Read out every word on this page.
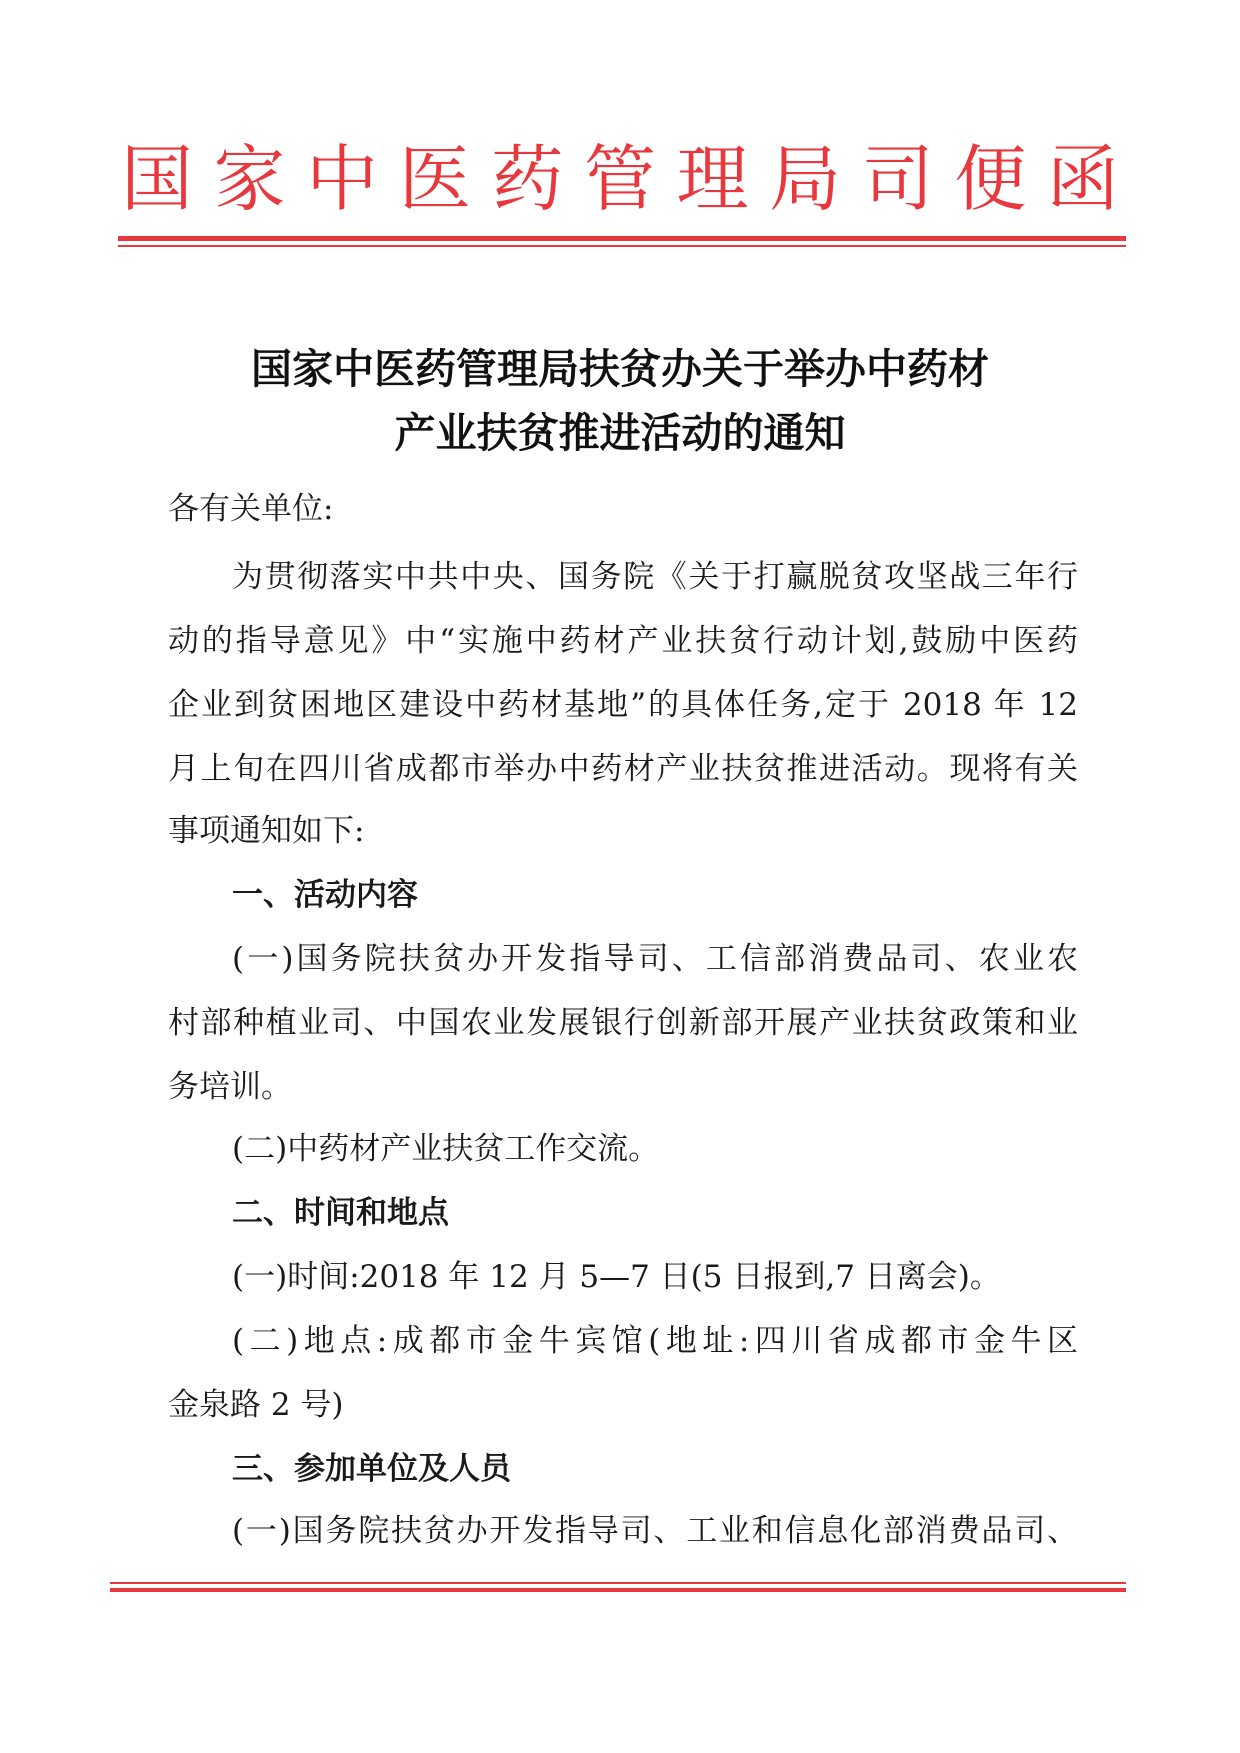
国 家 中 医 药 管 理 局 司 便 函
国家中医药管理局扶贫办关于举办中药材
产业扶贫推进活动的通知
各有关单位:
为贯彻落实中共中央、国务院《关于打赢脱贫攻坚战三年行
动的指导意见》中“实施中药材产业扶贫行动计划,鼓励中医药
企业到贫困地区建设中药材基地”的具体任务,定于 2018 年 12
月上旬在四川省成都市举办中药材产业扶贫推进活动。现将有关
事项通知如下:
一、活动内容
(一)国务院扶贫办开发指导司、工信部消费品司、农业农
村部种植业司、中国农业发展银行创新部开展产业扶贫政策和业
务培训。
(二)中药材产业扶贫工作交流。
二、时间和地点
(一)时间:2018 年 12 月 5—7 日(5 日报到,7 日离会)。
(二)地点:成都市金牛宾馆(地址:四川省成都市金牛区
金泉路 2 号)
三、参加单位及人员
(一)国务院扶贫办开发指导司、工业和信息化部消费品司、
